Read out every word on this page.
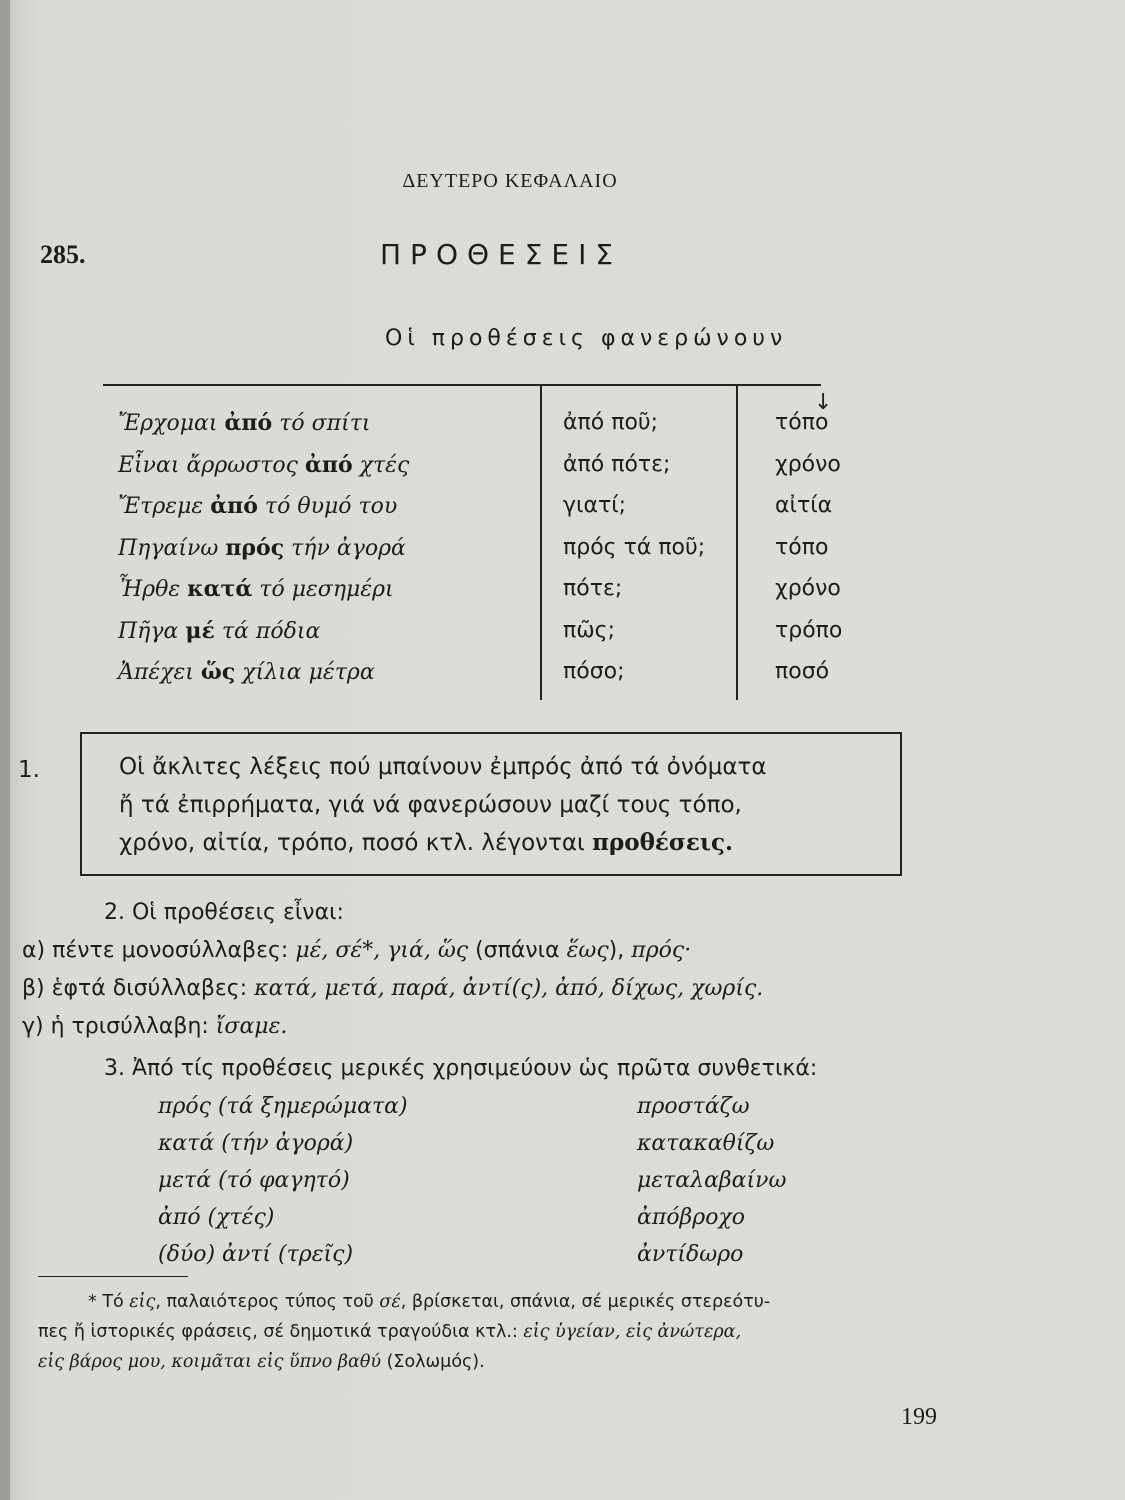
ΔΕΥΤΕΡΟ ΚΕΦΑΛΑΙΟ
285.	ΠΡΟΘΕΣΕΙΣ
Οἱ προθέσεις φανερώνουν
↓
Ἔρχομαι ἀπό τό σπίτι	ἀπό ποῦ;	τόπο
Εἶναι ἄρρωστος ἀπό χτές	ἀπό πότε;	χρόνο
Ἔτρεμε ἀπό τό θυμό του	γιατί;	αἰτία
Πηγαίνω πρός τήν ἀγορά	πρός τά ποῦ;	τόπο
Ἦρθε κατά τό μεσημέρι	πότε;	χρόνο
Πῆγα μέ τά πόδια	πῶς;	τρόπο
Ἀπέχει ὥς χίλια μέτρα	πόσο;	ποσό
1.	Οἱ ἄκλιτες λέξεις πού μπαίνουν ἐμπρός ἀπό τά ὀνόματα
ἤ τά ἐπιρρήματα, γιά νά φανερώσουν μαζί τους τόπο,
χρόνο, αἰτία, τρόπο, ποσό κτλ. λέγονται προθέσεις.
2. Οἱ προθέσεις εἶναι:
α) πέντε μονοσύλλαβες: μέ, σέ*, γιά, ὥς (σπάνια ἕως), πρός·
β) ἑφτά δισύλλαβες: κατά, μετά, παρά, ἀντί(ς), ἀπό, δίχως, χωρίς.
γ) ἡ τρισύλλαβη: ἴσαμε.
3. Ἀπό τίς προθέσεις μερικές χρησιμεύουν ὡς πρῶτα συνθετικά:
πρός (τά ξημερώματα)	προστάζω
κατά (τήν ἀγορά)	κατακαθίζω
μετά (τό φαγητό)	μεταλαβαίνω
ἀπό (χτές)	ἀπόβροχο
(δύο) ἀντί (τρεῖς)	ἀντίδωρο
* Τό εἰς, παλαιότερος τύπος τοῦ σέ, βρίσκεται, σπάνια, σέ μερικές στερεότυ-
πες ἤ ἱστορικές φράσεις, σέ δημοτικά τραγούδια κτλ.: εἰς ὑγείαν, εἰς ἀνώτερα,
εἰς βάρος μου, κοιμᾶται εἰς ὕπνο βαθύ (Σολωμός).
199
